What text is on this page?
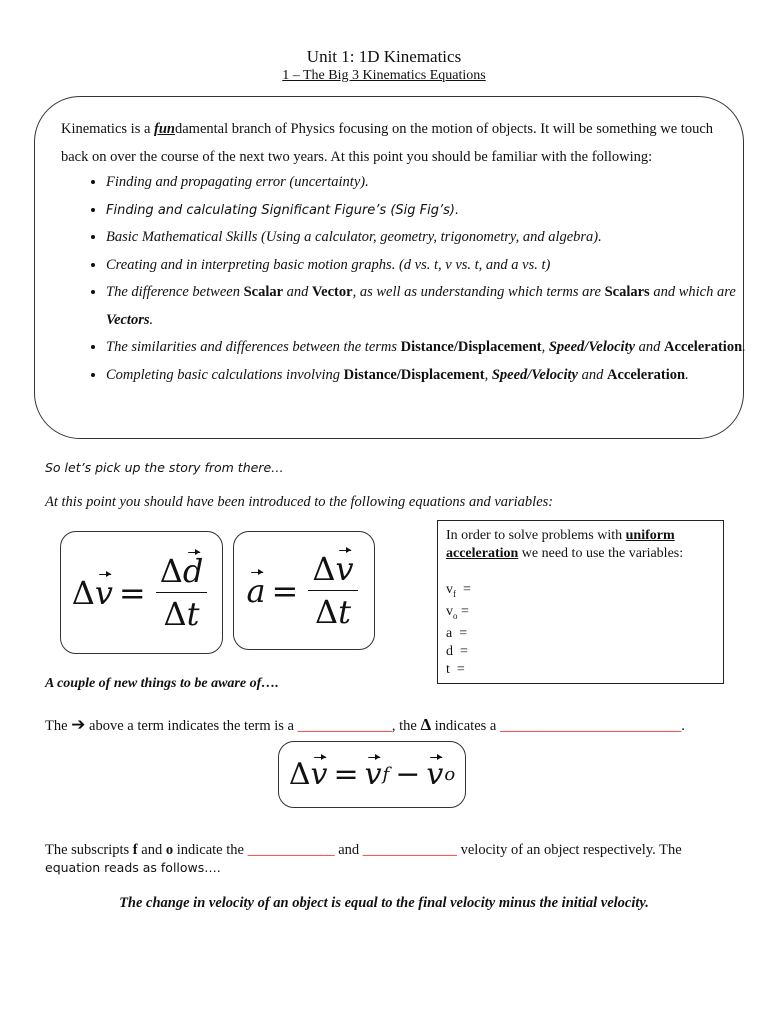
Unit 1: 1D Kinematics
1 – The Big 3 Kinematics Equations
Kinematics is a fundamental branch of Physics focusing on the motion of objects. It will be something we touch back on over the course of the next two years. At this point you should be familiar with the following:
• Finding and propagating error (uncertainty).
• Finding and calculating Significant Figure’s (Sig Fig’s).
• Basic Mathematical Skills (Using a calculator, geometry, trigonometry, and algebra).
• Creating and in interpreting basic motion graphs. (d vs. t, v vs. t, and a vs. t)
• The difference between Scalar and Vector, as well as understanding which terms are Scalars and which are Vectors.
• The similarities and differences between the terms Distance/Displacement, Speed/Velocity and Acceleration.
• Completing basic calculations involving Distance/Displacement, Speed/Velocity and Acceleration.
So let’s pick up the story from there…
At this point you should have been introduced to the following equations and variables:
Δ $v = \frac{\Delta d}{\Delta t}$ $a = \frac{\Delta v}{\Delta t}$
In order to solve problems with uniform
acceleration we need to use the variables:
$v_f$ =
$v_o$ =
a =
d =
t =
A couple of new things to be aware of….
The ➔ above a term indicates the term is a _____________, the Δ indicates a _________________________.
Δ v = v f − v o
The subscripts f and o indicate the ____________ and _____________ velocity of an object respectively. The
equation reads as follows….
The change in velocity of an object is equal to the final velocity minus the initial velocity.
